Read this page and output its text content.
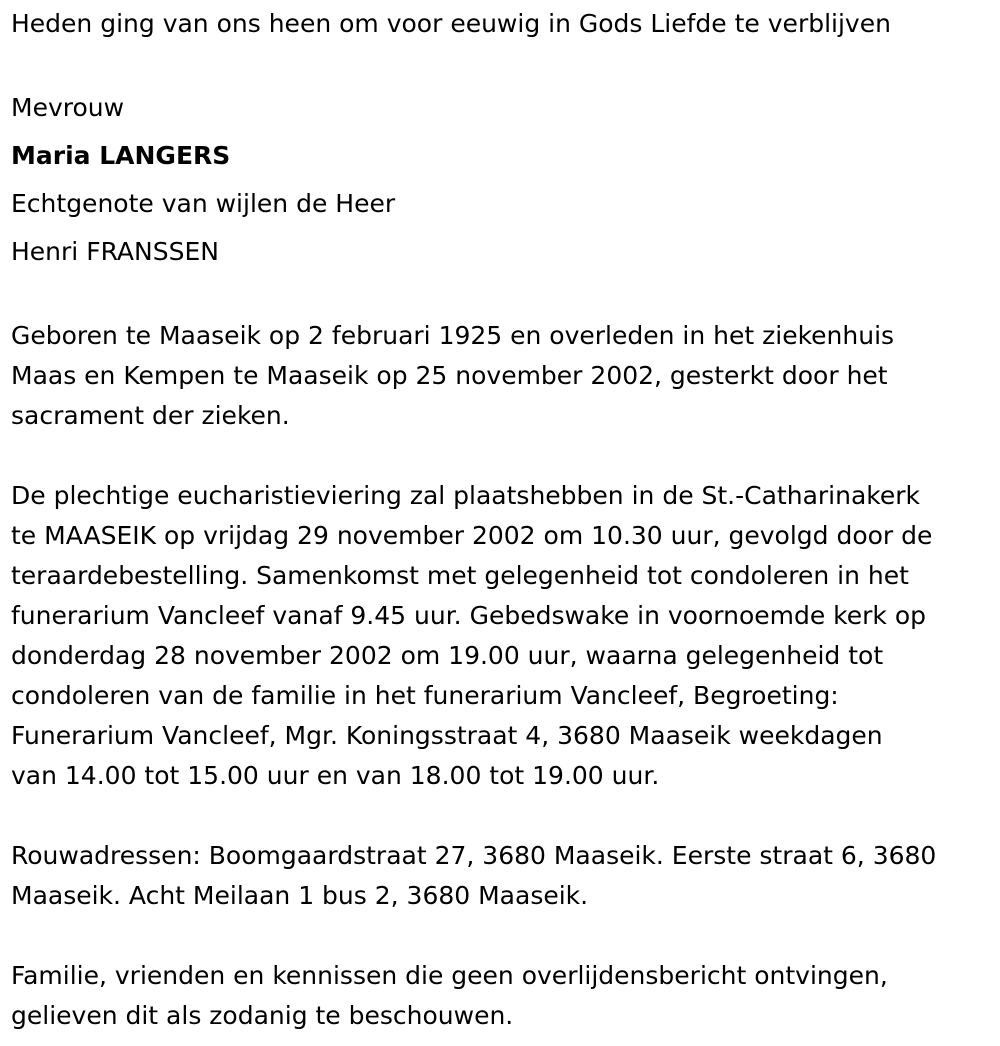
Heden ging van ons heen om voor eeuwig in Gods Liefde te verblijven
Mevrouw
Maria LANGERS
Echtgenote van wijlen de Heer
Henri FRANSSEN
Geboren te Maaseik op 2 februari 1925 en overleden in het ziekenhuis
Maas en Kempen te Maaseik op 25 november 2002, gesterkt door het
sacrament der zieken.
De plechtige eucharistieviering zal plaatshebben in de St.-Catharinakerk
te MAASEIK op vrijdag 29 november 2002 om 10.30 uur, gevolgd door de
teraardebestelling. Samenkomst met gelegenheid tot condoleren in het
funerarium Vancleef vanaf 9.45 uur. Gebedswake in voornoemde kerk op
donderdag 28 november 2002 om 19.00 uur, waarna gelegenheid tot
condoleren van de familie in het funerarium Vancleef, Begroeting:
Funerarium Vancleef, Mgr. Koningsstraat 4, 3680 Maaseik weekdagen
van 14.00 tot 15.00 uur en van 18.00 tot 19.00 uur.
Rouwadressen: Boomgaardstraat 27, 3680 Maaseik. Eerste straat 6, 3680
Maaseik. Acht Meilaan 1 bus 2, 3680 Maaseik.
Familie, vrienden en kennissen die geen overlijdensbericht ontvingen,
gelieven dit als zodanig te beschouwen.
